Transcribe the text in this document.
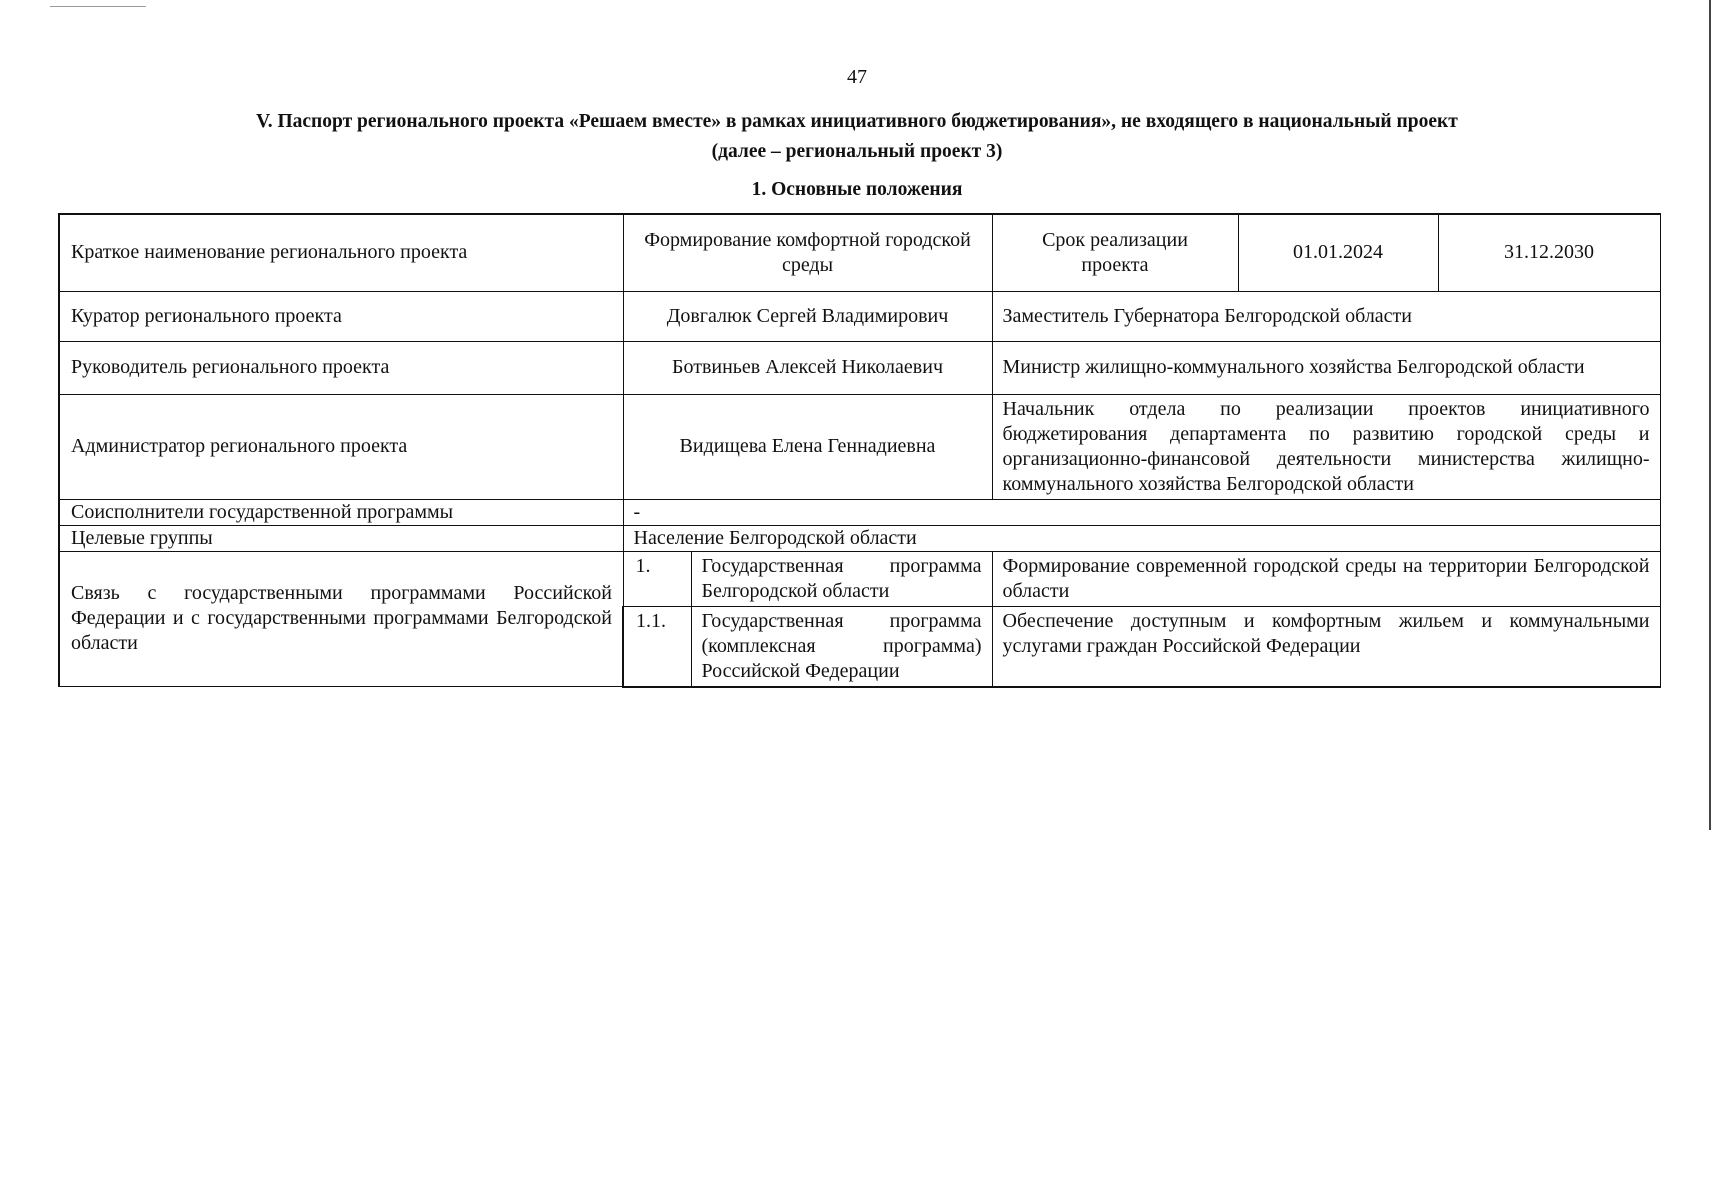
47
V. Паспорт регионального проекта «Решаем вместе» в рамках инициативного бюджетирования», не входящего в национальный проект
(далее – региональный проект 3)
1. Основные положения
Краткое наименование регионального проекта	Формирование комфортной городской среды		Срок реализации проекта	01.01.2024	31.12.2030
Куратор регионального проекта	Довгалюк Сергей Владимирович		Заместитель Губернатора Белгородской области		
Руководитель регионального проекта	Ботвиньев Алексей Николаевич		Министр жилищно-коммунального хозяйства Белгородской области		
Администратор регионального проекта	Видищева Елена Геннадиевна		Начальник отдела по реализации проектов инициативного бюджетирования департамента по развитию городской среды и организационно-финансовой деятельности министерства жилищно-коммунального хозяйства Белгородской области		
Соисполнители государственной программы	-				
Целевые группы	Население Белгородской области				
Связь с государственными программами Российской Федерации и с государственными программами Белгородской области	1.	Государственная программа Белгородской области	Формирование современной городской среды на территории Белгородской области		
	1.1.	Государственная программа (комплексная программа) Российской Федерации	Обеспечение доступным и комфортным жильем и коммунальными услугами граждан Российской Федерации		
